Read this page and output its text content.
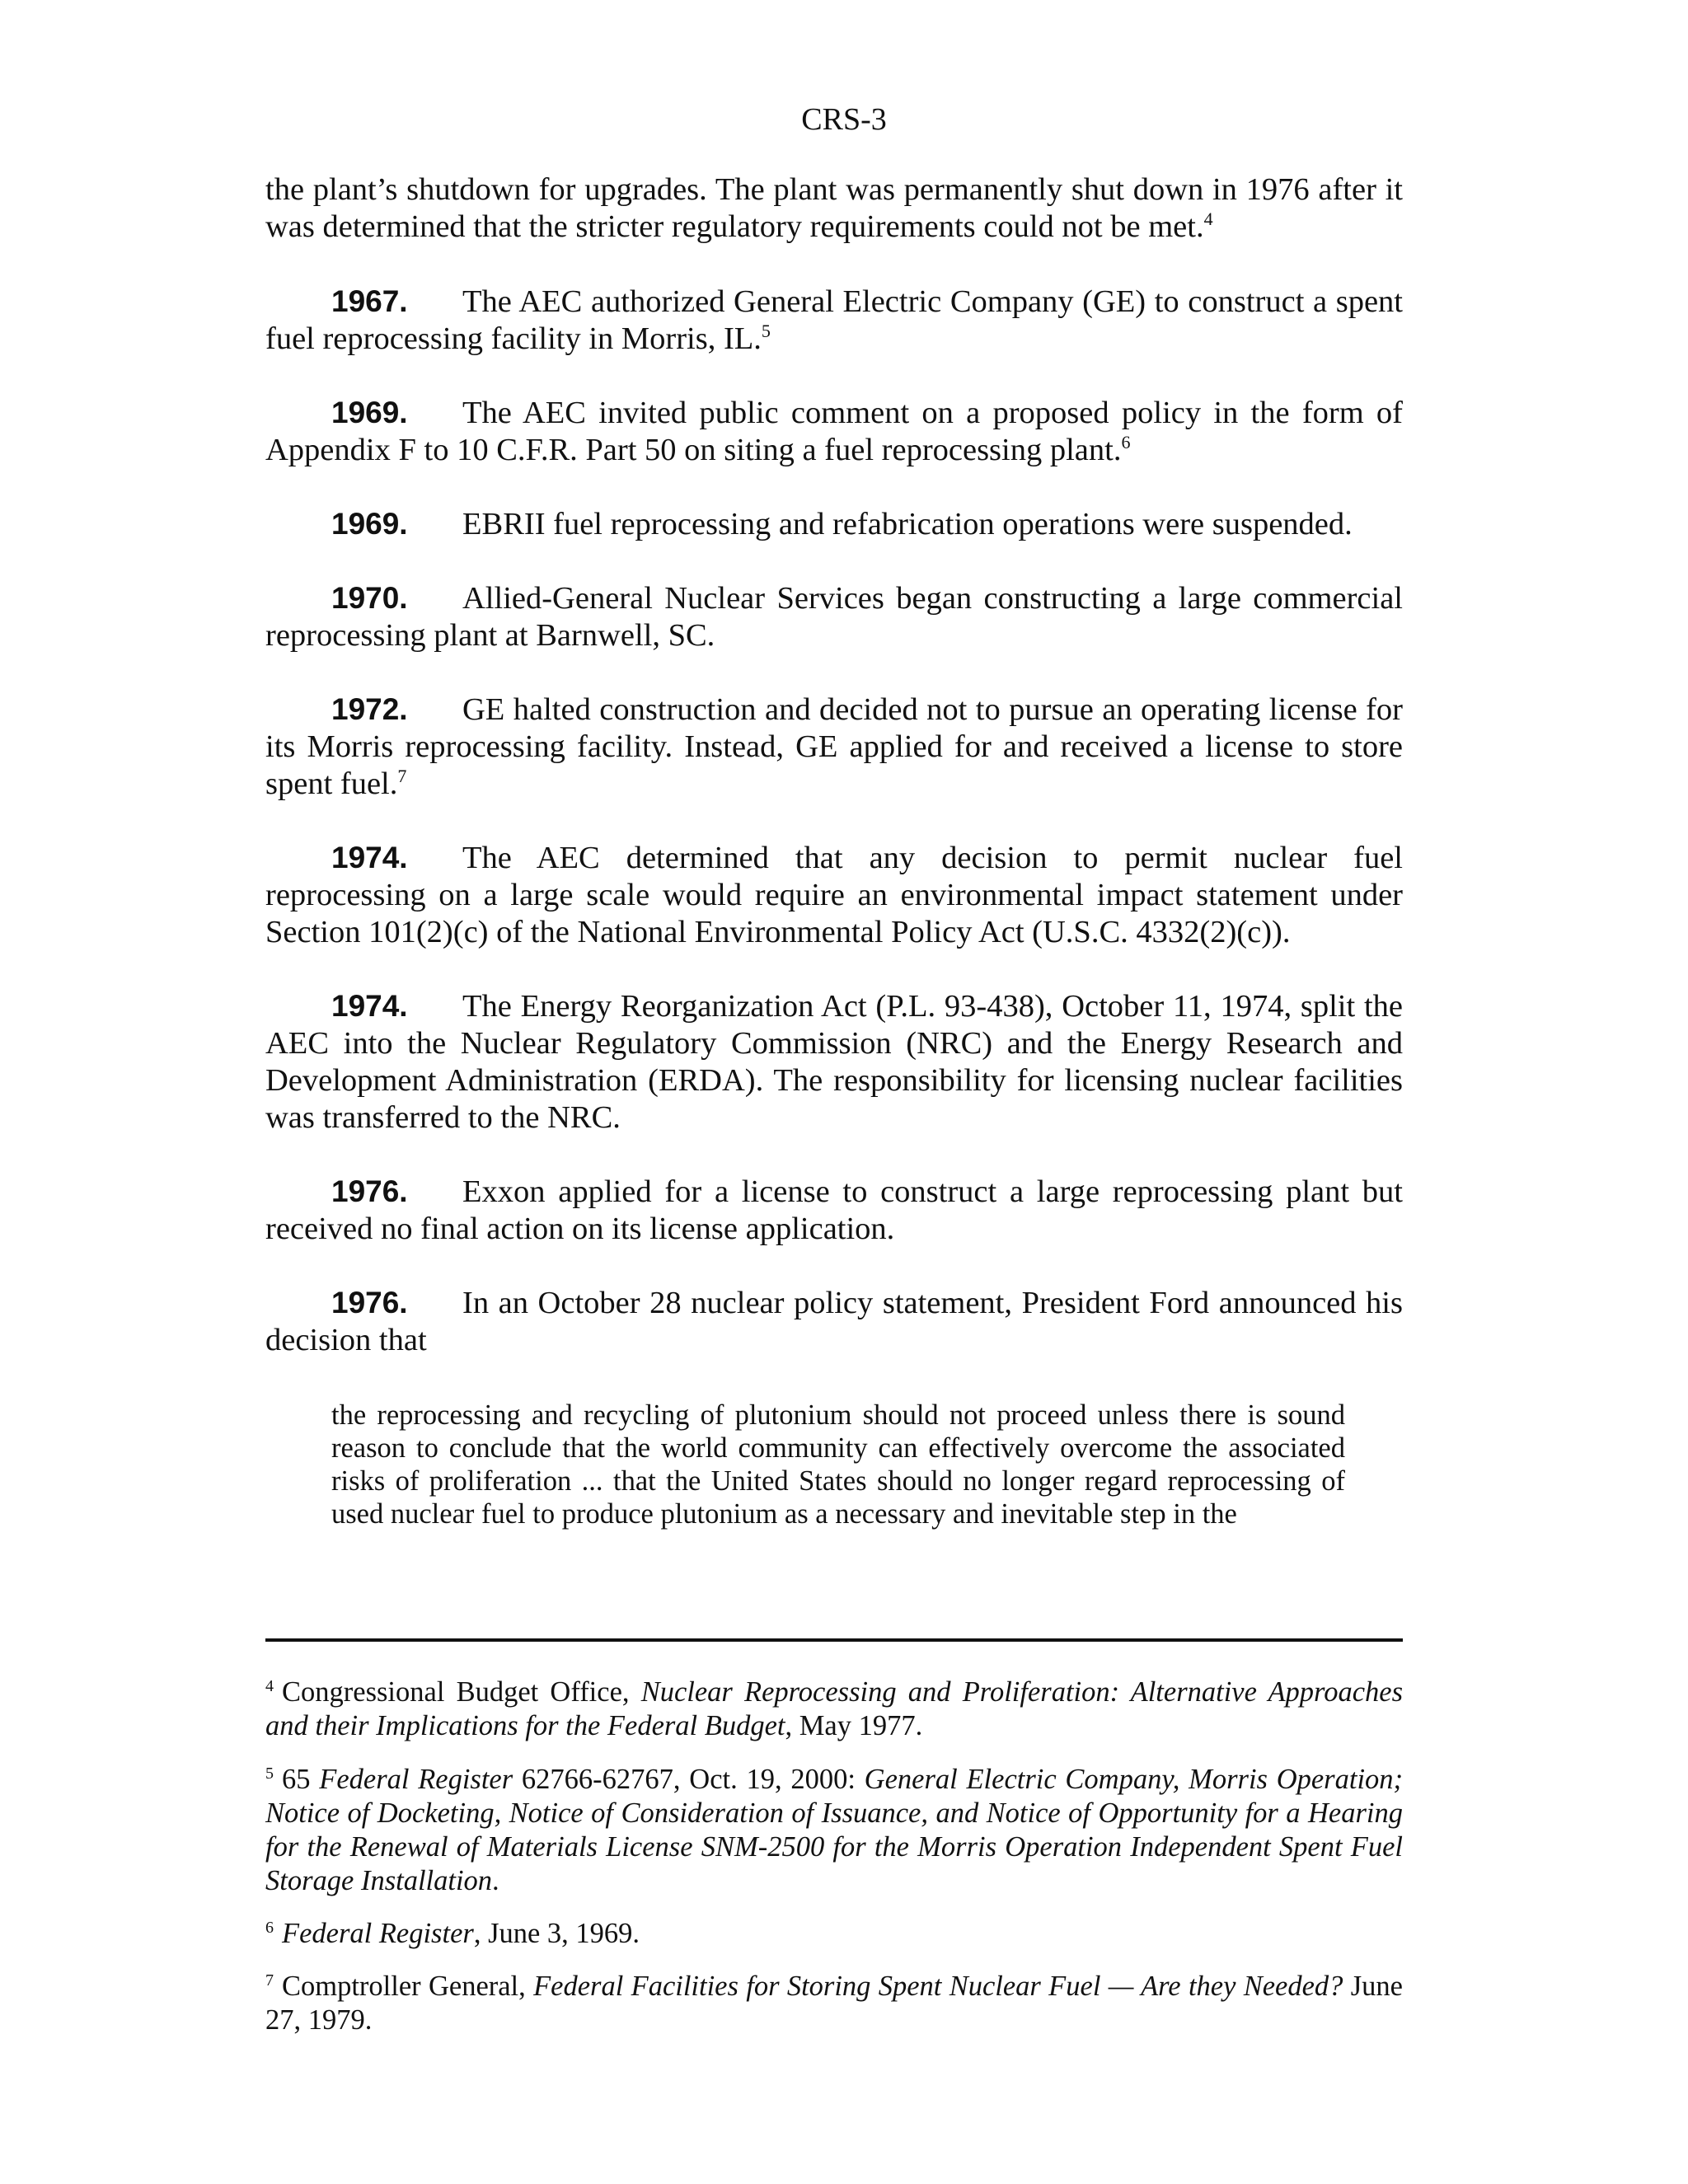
CRS-3
the plant’s shutdown for upgrades. The plant was permanently shut down in 1976 after it was determined that the stricter regulatory requirements could not be met.$^4$
1967. The AEC authorized General Electric Company (GE) to construct a spent fuel reprocessing facility in Morris, IL.$^5$
1969. The AEC invited public comment on a proposed policy in the form of Appendix F to 10 C.F.R. Part 50 on siting a fuel reprocessing plant.$^6$
1969. EBRII fuel reprocessing and refabrication operations were suspended.
1970. Allied-General Nuclear Services began constructing a large commercial reprocessing plant at Barnwell, SC.
1972. GE halted construction and decided not to pursue an operating license for its Morris reprocessing facility. Instead, GE applied for and received a license to store spent fuel.$^7$
1974. The AEC determined that any decision to permit nuclear fuel reprocessing on a large scale would require an environmental impact statement under Section 101(2)(c) of the National Environmental Policy Act (U.S.C. 4332(2)(c)).
1974. The Energy Reorganization Act (P.L. 93-438), October 11, 1974, split the AEC into the Nuclear Regulatory Commission (NRC) and the Energy Research and Development Administration (ERDA). The responsibility for licensing nuclear facilities was transferred to the NRC.
1976. Exxon applied for a license to construct a large reprocessing plant but received no final action on its license application.
1976. In an October 28 nuclear policy statement, President Ford announced his decision that
the reprocessing and recycling of plutonium should not proceed unless there is sound reason to conclude that the world community can effectively overcome the associated risks of proliferation ... that the United States should no longer regard reprocessing of used nuclear fuel to produce plutonium as a necessary and inevitable step in the
$^4$ Congressional Budget Office, Nuclear Reprocessing and Proliferation: Alternative Approaches and their Implications for the Federal Budget, May 1977.
$^5$ 65 Federal Register 62766-62767, Oct. 19, 2000: General Electric Company, Morris Operation; Notice of Docketing, Notice of Consideration of Issuance, and Notice of Opportunity for a Hearing for the Renewal of Materials License SNM-2500 for the Morris Operation Independent Spent Fuel Storage Installation.
$^6$ Federal Register, June 3, 1969.
$^7$ Comptroller General, Federal Facilities for Storing Spent Nuclear Fuel — Are they Needed? June 27, 1979.
